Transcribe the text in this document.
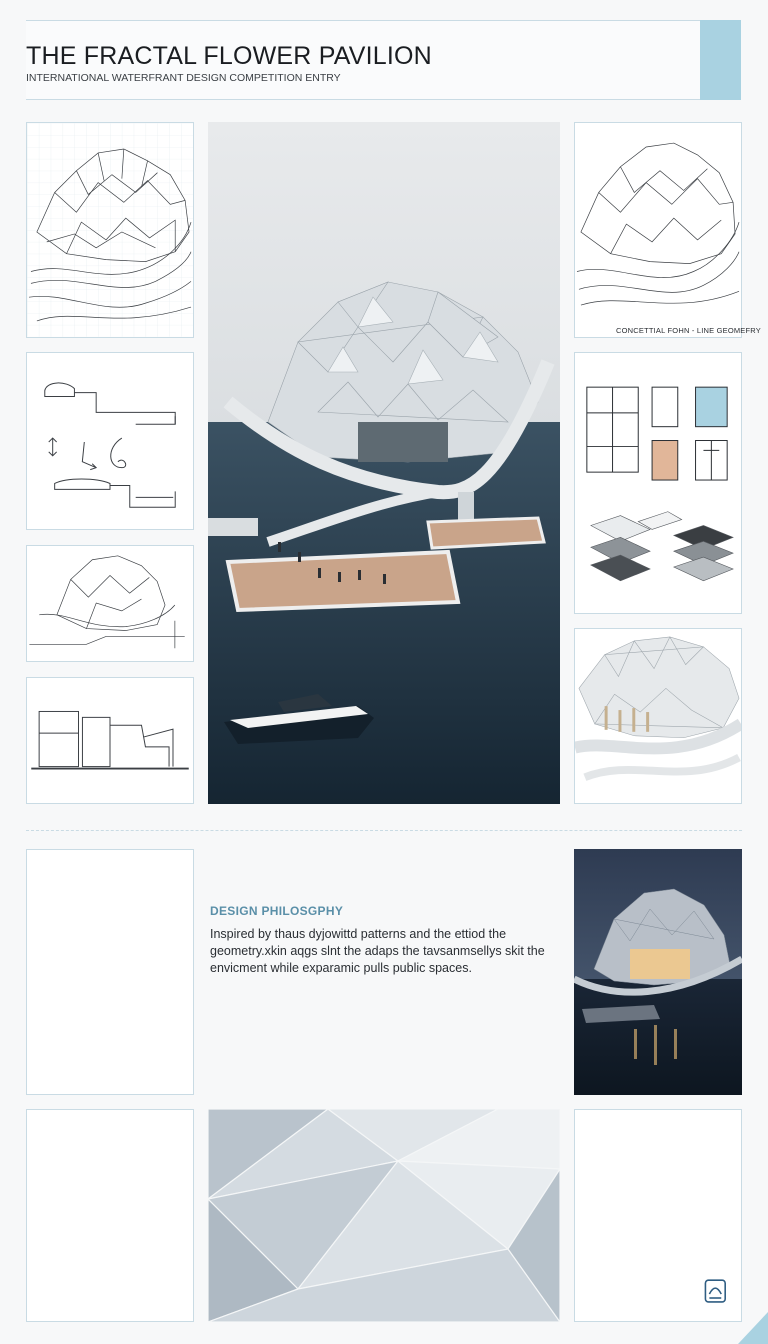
THE FRACTAL FLOWER PAVILION
INTERNATIONAL WATERFRANT DESIGN COMPETITION ENTRY
CONCETTIAL FOHN - LINE GEOMEFRY
DESIGN PHILOSGPHY
Inspired by thaus dyjowittd patterns and the ettiod the geometry.xkin aqgs slnt the adaps the tavsanmsellys skit the envicment while exparamic pulls public spaces.
